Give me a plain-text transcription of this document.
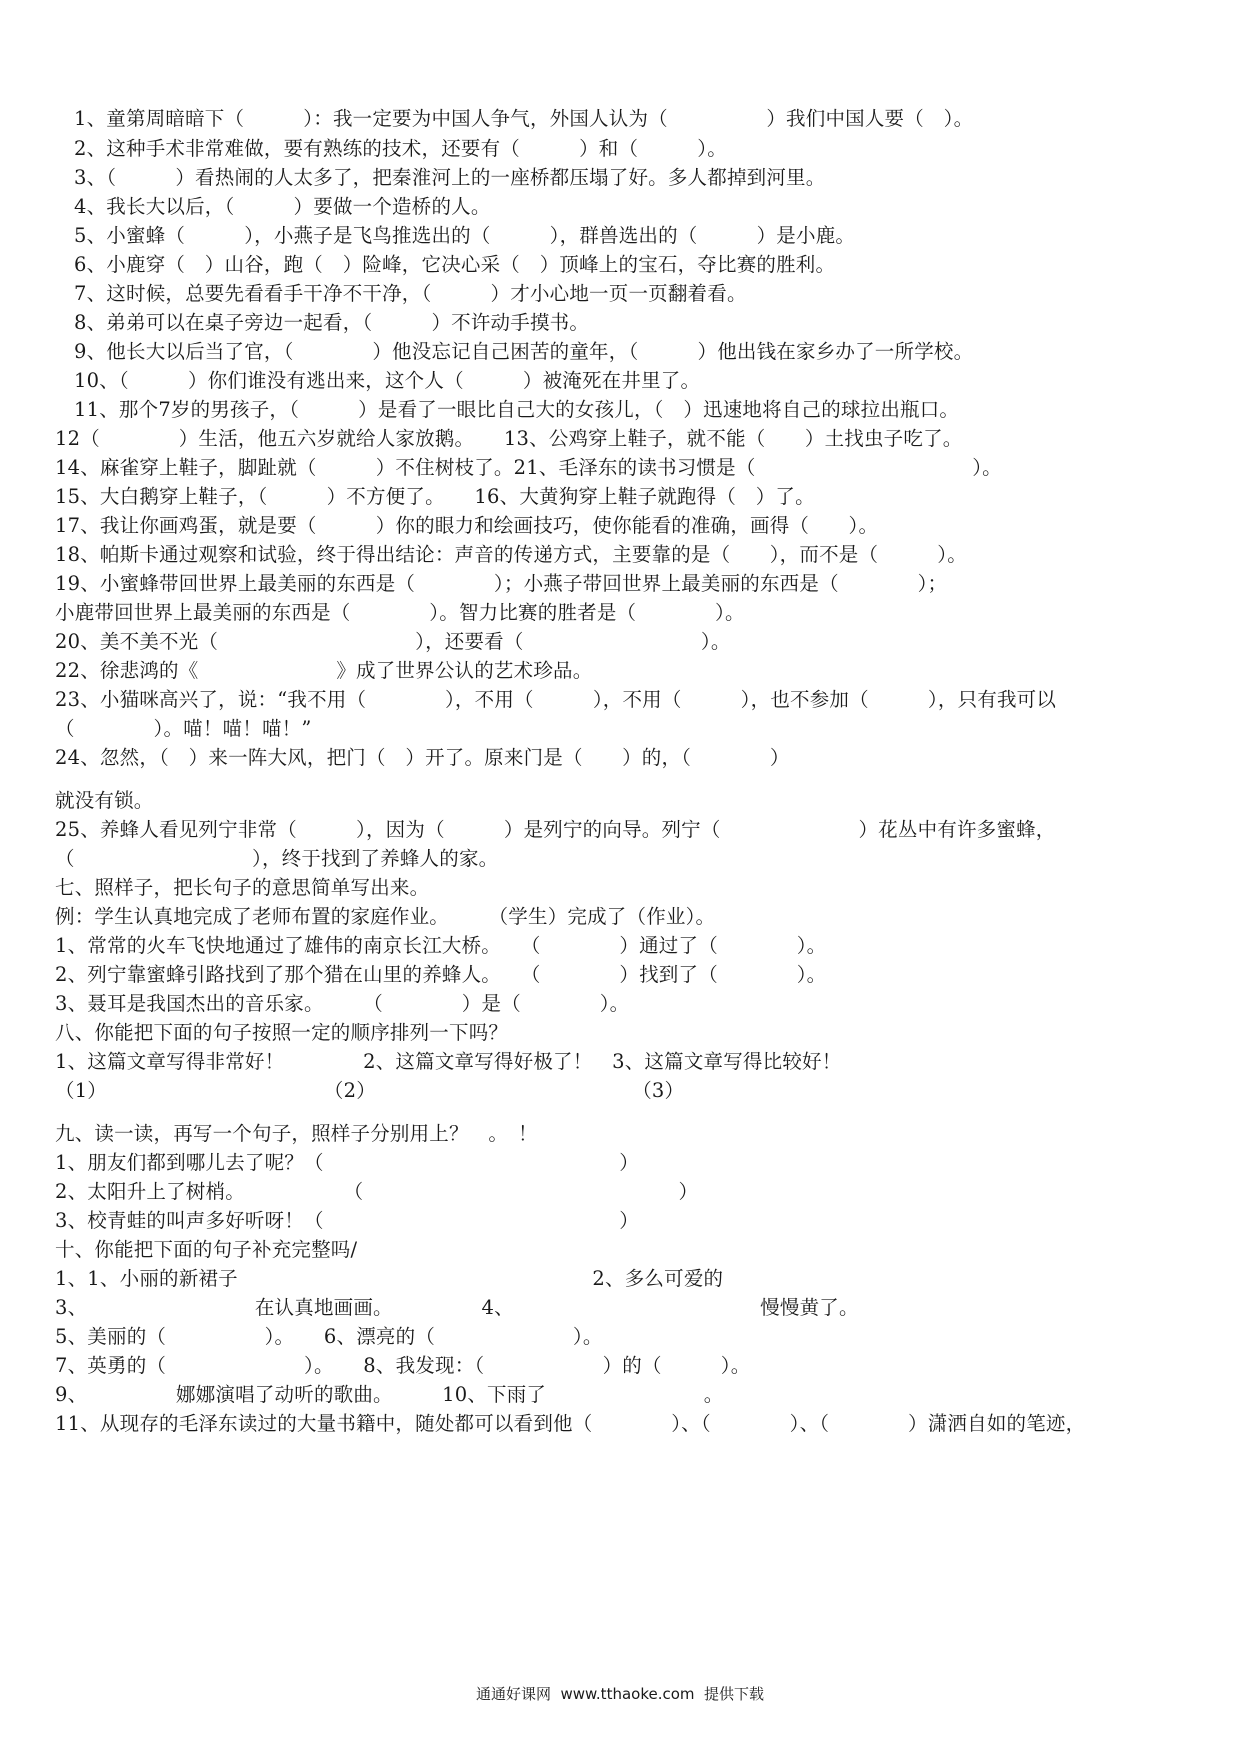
1、童第周暗暗下（　　　）：我一定要为中国人争气，外国人认为（　　　　　）我们中国人要（　）。
2、这种手术非常难做，要有熟练的技术，还要有（　　　）和（　　　）。
3、（　　　）看热闹的人太多了，把秦淮河上的一座桥都压塌了好。多人都掉到河里。
4、我长大以后，（　　　）要做一个造桥的人。
5、小蜜蜂（　　　），小燕子是飞鸟推选出的（　　　），群兽选出的（　　　）是小鹿。
6、小鹿穿（　）山谷，跑（　）险峰，它决心采（　）顶峰上的宝石，夺比赛的胜利。
7、这时候，总要先看看手干净不干净，（　　　）才小心地一页一页翻着看。
8、弟弟可以在桌子旁边一起看，（　　　）不许动手摸书。
9、他长大以后当了官，（　　　　）他没忘记自己困苦的童年，（　　　）他出钱在家乡办了一所学校。
10、（　　　）你们谁没有逃出来，这个人（　　　）被淹死在井里了。
11、那个7岁的男孩子，（　　　）是看了一眼比自己大的女孩儿，（　）迅速地将自己的球拉出瓶口。
12（　　　　）生活，他五六岁就给人家放鹅。　　13、公鸡穿上鞋子，就不能（　　）土找虫子吃了。
14、麻雀穿上鞋子，脚趾就（　　　）不住树枝了。21、毛泽东的读书习惯是（　　　　　　　　　　　）。
15、大白鹅穿上鞋子，（　　　）不方便了。　　16、大黄狗穿上鞋子就跑得（　）了。
17、我让你画鸡蛋，就是要（　　　）你的眼力和绘画技巧，使你能看的准确，画得（　　）。
18、帕斯卡通过观察和试验，终于得出结论：声音的传递方式，主要靠的是（　　），而不是（　　　）。
19、小蜜蜂带回世界上最美丽的东西是（　　　　）；小燕子带回世界上最美丽的东西是（　　　　）；
小鹿带回世界上最美丽的东西是（　　　　）。智力比赛的胜者是（　　　　）。
20、美不美不光（　　　　　　　　　　），还要看（　　　　　　　　　）。
22、徐悲鸿的《　　　　　　　》成了世界公认的艺术珍品。
23、小猫咪高兴了，说：“我不用（　　　　），不用（　　　），不用（　　　），也不参加（　　　），只有我可以
（　　　　）。喵！喵！喵！”
24、忽然，（　）来一阵大风，把门（　）开了。原来门是（　　）的，（　　　　）
就没有锁。
25、养蜂人看见列宁非常（　　　），因为（　　　）是列宁的向导。列宁（　　　　　　　）花丛中有许多蜜蜂，
（　　　　　　　　　），终于找到了养蜂人的家。
七、照样子，把长句子的意思简单写出来。
例：学生认真地完成了老师布置的家庭作业。　　　（学生）完成了（作业）。
1、常常的火车飞快地通过了雄伟的南京长江大桥。　　（　　　　）通过了（　　　　）。
2、列宁靠蜜蜂引路找到了那个猎在山里的养蜂人。　　（　　　　）找到了（　　　　）。
3、聂耳是我国杰出的音乐家。　　　（　　　　）是（　　　　）。
八、你能把下面的句子按照一定的顺序排列一下吗？
1、这篇文章写得非常好！　　　　2、这篇文章写得好极了！　3、这篇文章写得比较好！
（1）　　　　　　　　　　　　（2）　　　　　　　　　　　　　　（3）
九、读一读，再写一个句子，照样子分别用上？　。　！
1、朋友们都到哪儿去了呢？（　　　　　　　　　　　　　　　）
2、太阳升上了树梢。　　　　　　（　　　　　　　　　　　　　　　　）
3、校青蛙的叫声多好听呀！（　　　　　　　　　　　　　　　）
十、你能把下面的句子补充完整吗/
1、1、小丽的新裙子　　　　　　　　　　　　　　　　　　2、多么可爱的
3、　　　　　　　　　在认真地画画。　　　　　4、　　　　　　　　　　　　　慢慢黄了。
5、美丽的（　　　　　）。　　6、漂亮的（　　　　　　　）。
7、英勇的（　　　　　　　）。　　8、我发现：（　　　　　　）的（　　　）。
9、　　　　　娜娜演唱了动听的歌曲。　　　10、下雨了　　　　　　　　。
11、从现存的毛泽东读过的大量书籍中，随处都可以看到他（　　　　）、（　　　　）、（　　　　）潇洒自如的笔迹，
通通好课网  www.tthaoke.com  提供下载
